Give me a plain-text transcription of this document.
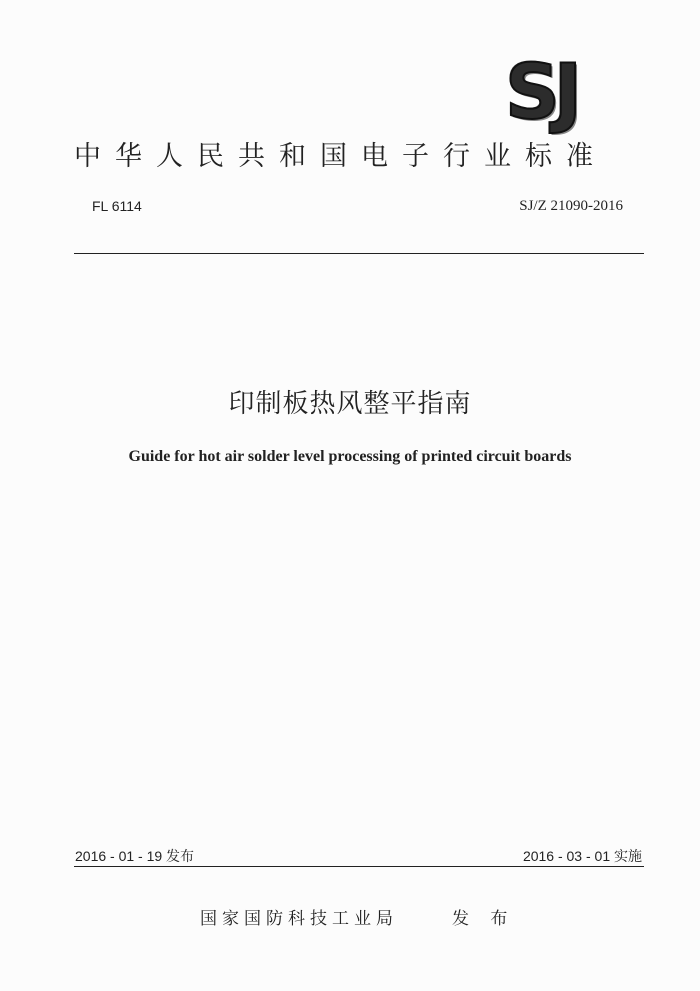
SJ
中华人民共和国电子行业标准
FL 6114	SJ/Z 21090-2016
印制板热风整平指南
Guide for hot air solder level processing of printed circuit boards
2016 - 01 - 19 发布	2016 - 03 - 01 实施
国家国防科技工业局	发 布
